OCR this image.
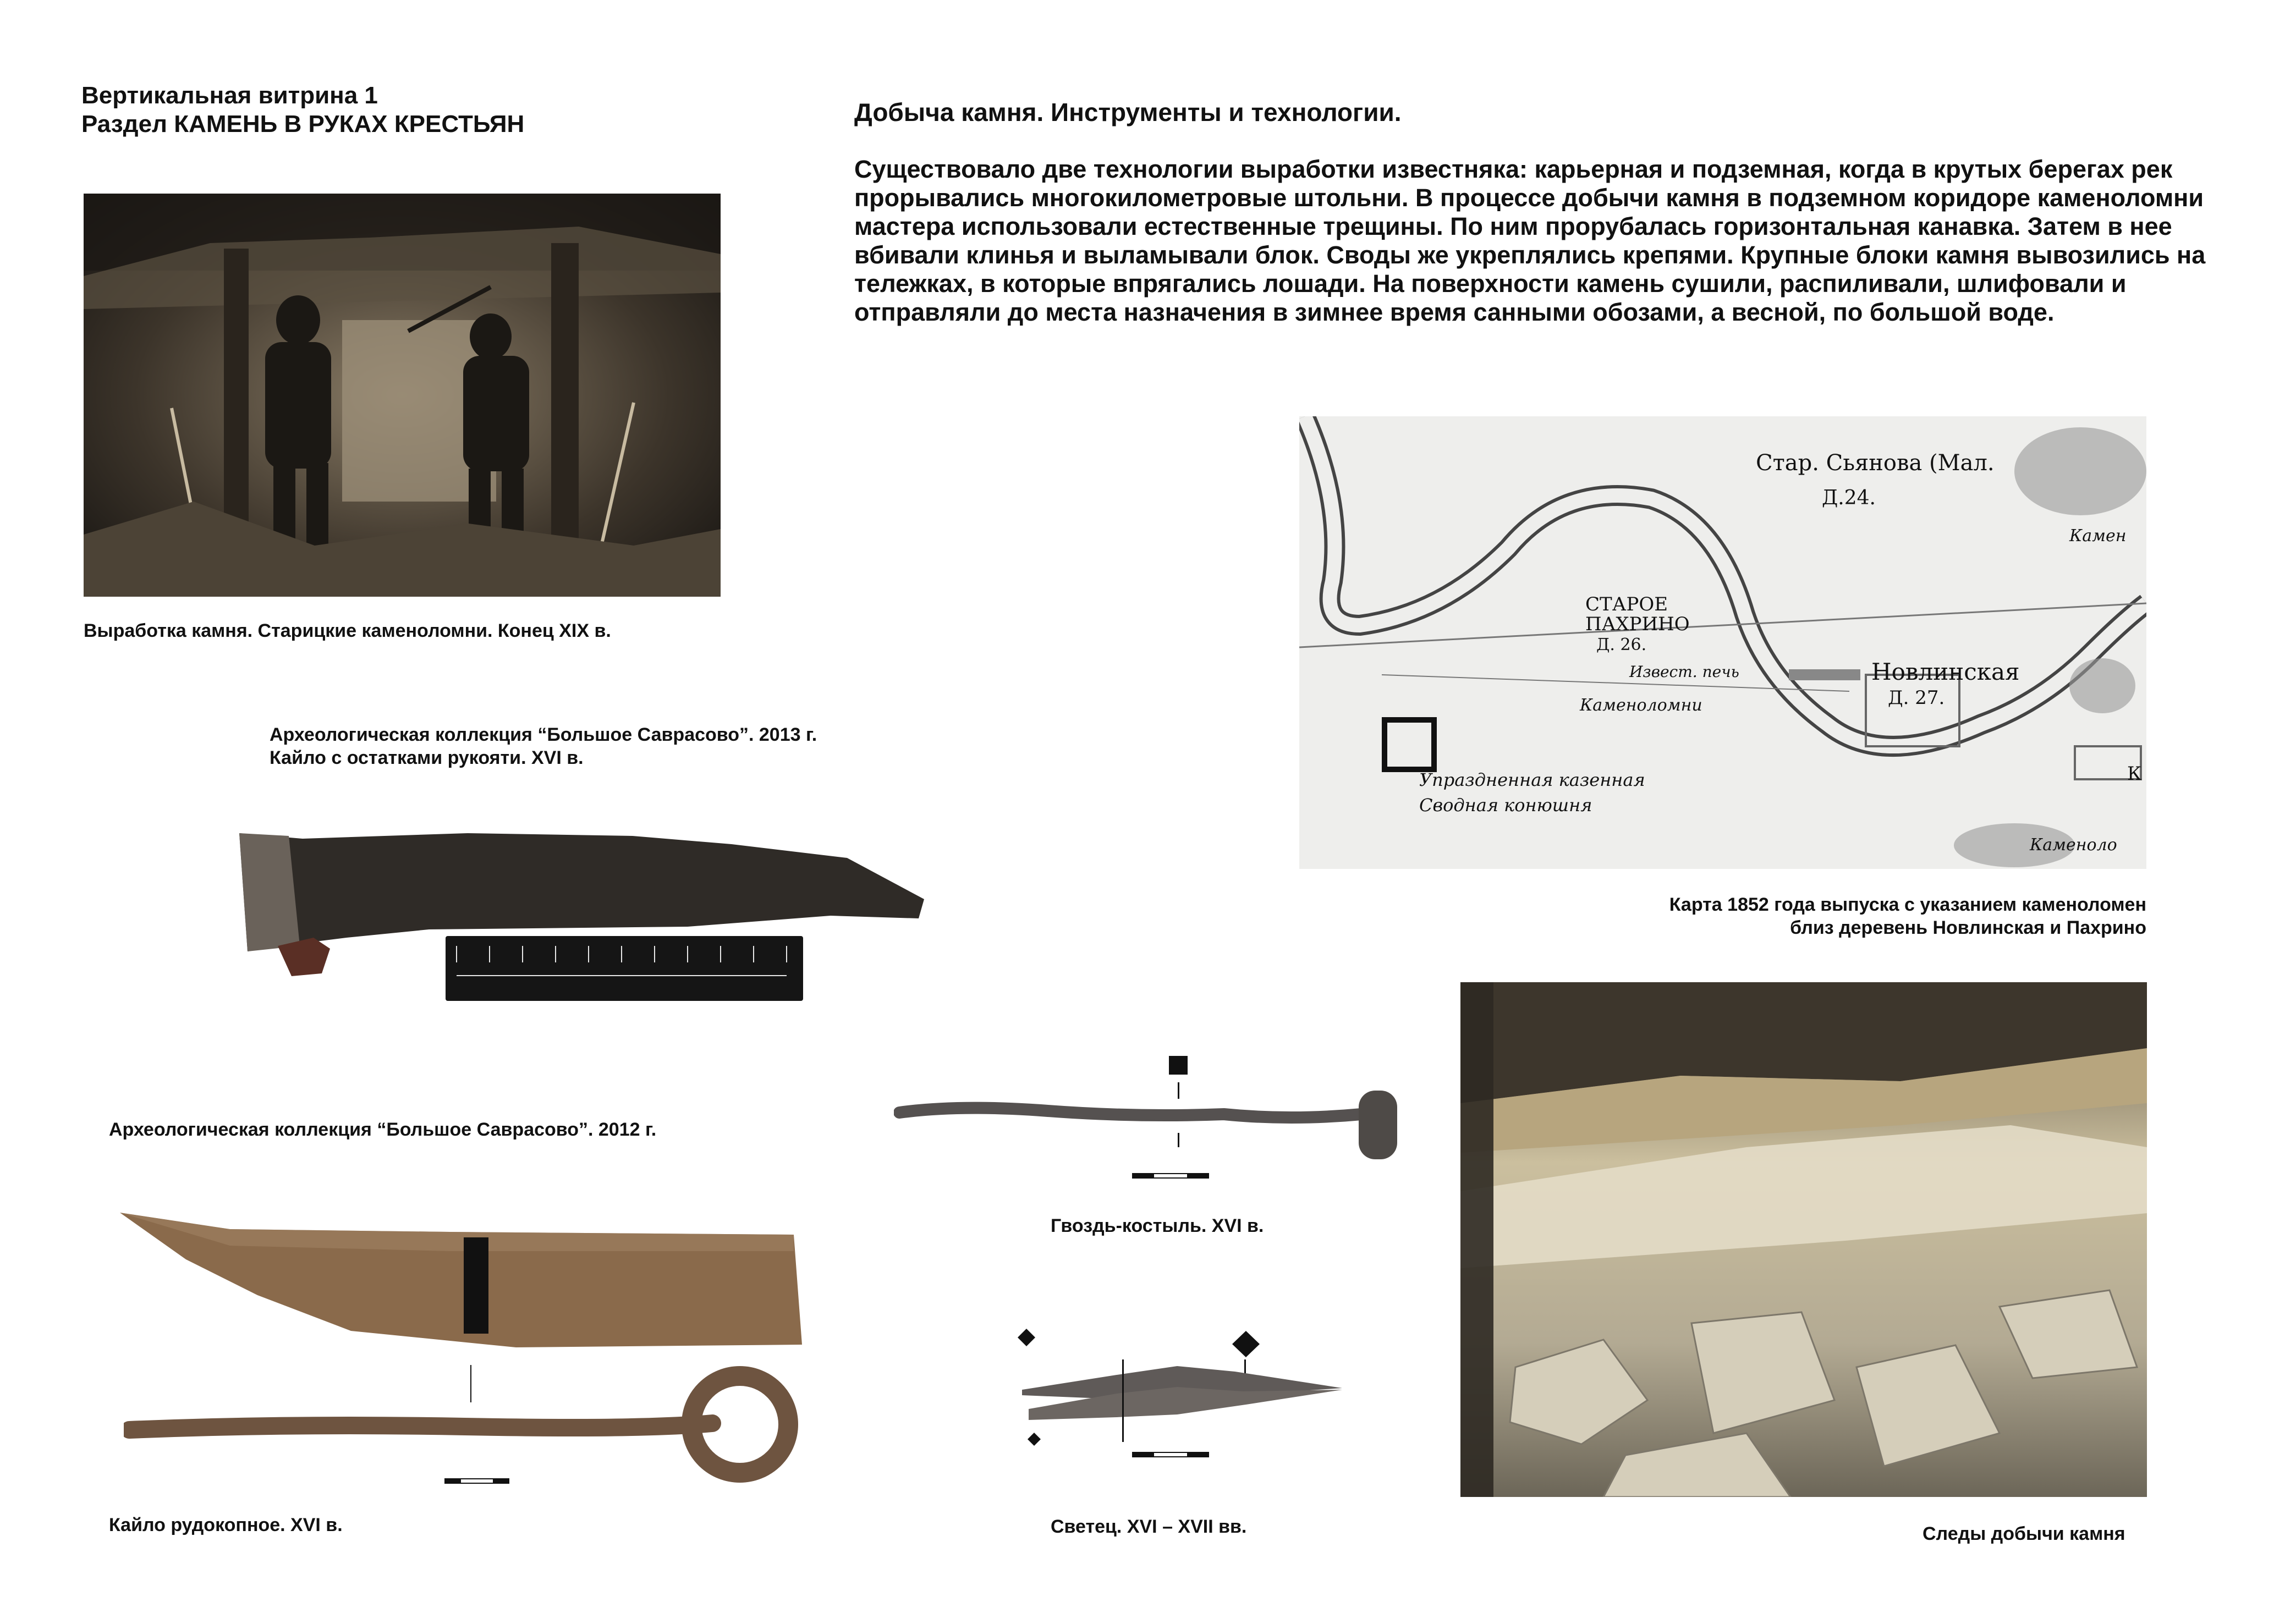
Вертикальная витрина 1
Раздел КАМЕНЬ В РУКАХ КРЕСТЬЯН	Добыча камня. Инструменты и технологии.
Существовало две технологии выработки известняка: карьерная и подземная, когда в крутых берегах рек прорывались многокилометровые штольни. В процессе добычи камня в подземном коридоре каменоломни мастера использовали естественные трещины. По ним прорубалась горизонтальная канавка. Затем в нее вбивали клинья и выламывали блок. Своды же укреплялись крепями. Крупные блоки камня вывозились на тележках, в которые впрягались лошади. На поверхности камень сушили, распиливали, шлифовали и отправляли до места назначения в зимнее время санными обозами, а весной, по большой воде.
Выработка камня. Старицкие каменоломни. Конец XIX в.
Археологическая коллекция “Большое Саврасово”. 2013 г.
Кайло с остатками рукояти. XVI в.
Археологическая коллекция “Большое Саврасово”. 2012 г.
Кайло рудокопное. XVI в.
Гвоздь-костыль. XVI в.
Светец. XVI – XVII вв.
Стар. Сьянова (Мал.
Д.24.
Камен
СТАРОЕ
ПАХРИНО
Д. 26.
Извест. печь
Каменоломни
Новлинская
Д. 27.
Упраздненная казенная
Сводная конюшня
Каменоло
К
Карта 1852 года выпуска с указанием каменоломен
близ деревень Новлинская и Пахрино
Следы добычи камня
